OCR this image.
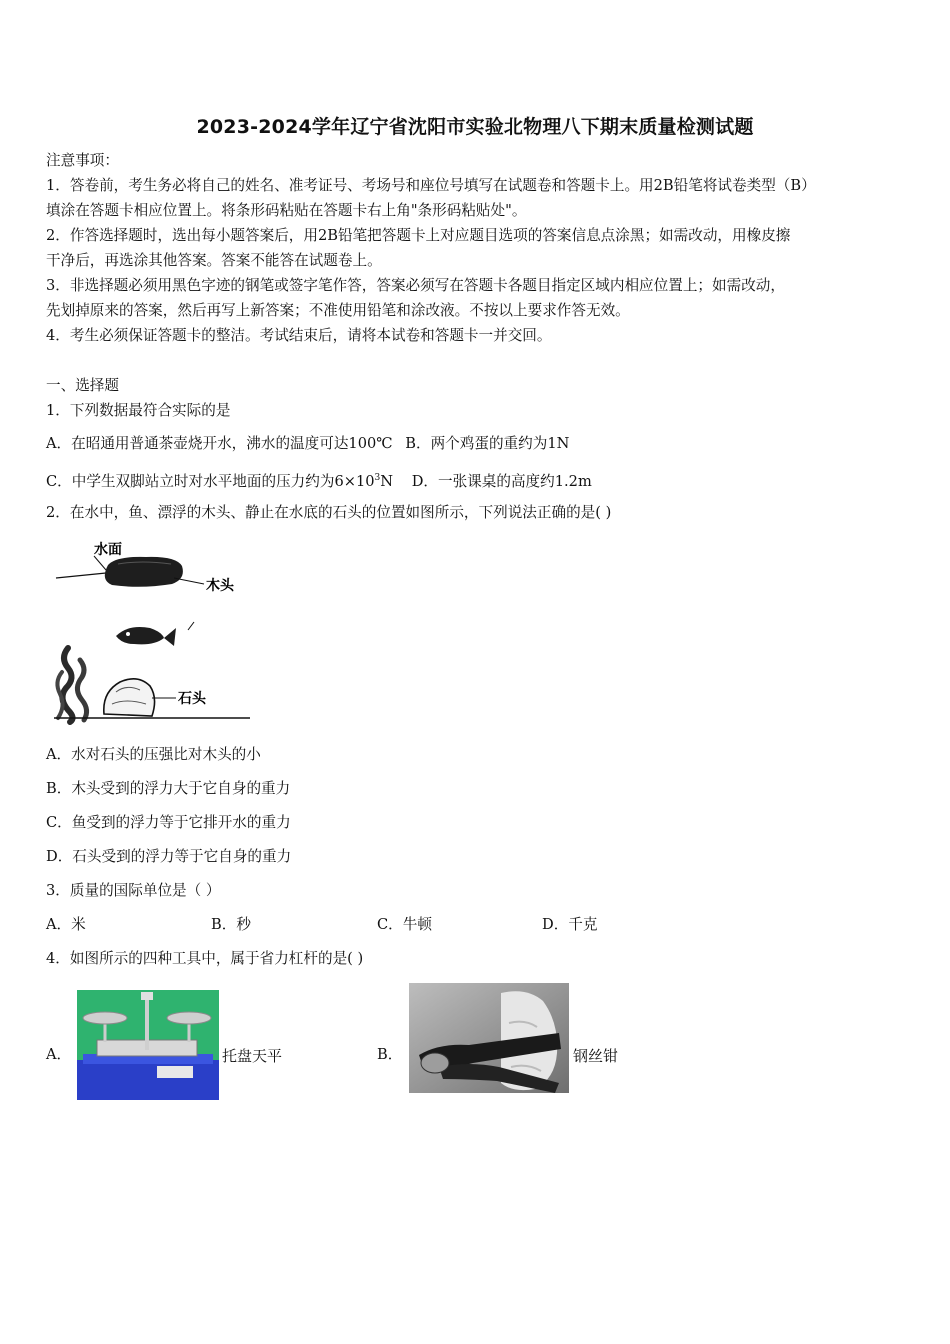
2023-2024学年辽宁省沈阳市实验北物理八下期末质量检测试题
注意事项：
1．答卷前，考生务必将自己的姓名、准考证号、考场号和座位号填写在试题卷和答题卡上。用2B铅笔将试卷类型（B）
填涂在答题卡相应位置上。将条形码粘贴在答题卡右上角"条形码粘贴处"。
2．作答选择题时，选出每小题答案后，用2B铅笔把答题卡上对应题目选项的答案信息点涂黑；如需改动，用橡皮擦
干净后，再选涂其他答案。答案不能答在试题卷上。
3．非选择题必须用黑色字迹的钢笔或签字笔作答，答案必须写在答题卡各题目指定区域内相应位置上；如需改动，
先划掉原来的答案，然后再写上新答案；不准使用铅笔和涂改液。不按以上要求作答无效。
4．考生必须保证答题卡的整洁。考试结束后，请将本试卷和答题卡一并交回。
一、选择题
1．下列数据最符合实际的是
A．在昭通用普通茶壶烧开水，沸水的温度可达100℃ B．两个鸡蛋的重约为1N
C．中学生双脚站立时对水平地面的压力约为$6\times 10^3N$ D．一张课桌的高度约1.2m
2．在水中，鱼、漂浮的木头、静止在水底的石头的位置如图所示，下列说法正确的是( )
水面
木头
石头
A．水对石头的压强比对木头的小
B．木头受到的浮力大于它自身的重力
C．鱼受到的浮力等于它排开水的重力
D．石头受到的浮力等于它自身的重力
3．质量的国际单位是（ ）
A．米	B．秒	C．牛顿	D．千克
4．如图所示的四种工具中，属于省力杠杆的是( )
A．	托盘天平	B．	钢丝钳
